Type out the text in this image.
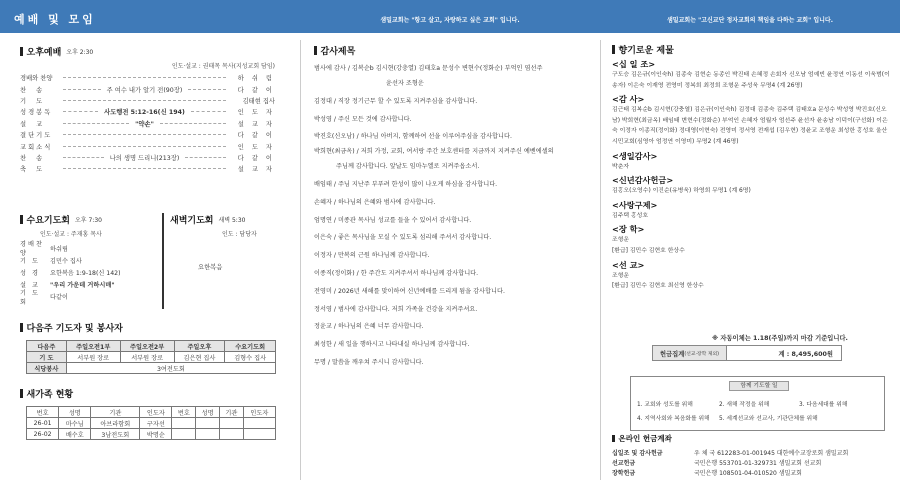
예배 및 모임	샘밀교회는 "항고 살고, 자랑하고 싶은 교회" 입니다.	샘밀교회는 "고신교단 정자교회의 책임을 다하는 교회" 입니다.
오후예배 오후 2:30
인도·설교 : 권태목 목사(지성교회 담임)
경배와 찬양	하 쉬 림
찬 송	주 여수 내가 알기 전(90장)	다 같 이
기 도	김태현 집사
성 경 봉 독	사도행전 5:12-16(신 194)	인 도 자
설 교	"약손"	설 교 자
결 단 기 도	다 같 이
교 회 소 식	인 도 자
찬 송	나의 생명 드리니(213장)	다 같 이
축 도	설 교 자
수요기도회 오후 7:30
인도·설교 : 주재홍 목사
경배찬양
하쉬림
기 도	김민수 집사
성 경	요한복음 1:9-18(신 142)
설 교	"우리 가운데 거하시매"
기 도 회
다같이
새벽기도회 새벽 5:30
인도 : 담당자
요한복음
다음주 기도자 및 봉사자
다음주	주일오전1부	주일오전2부	주일오후	수요기도회
기 도	서부원 장로	서부원 장로	김은현 집사	김형수 집사
식당봉사	3여전도회			
새가족 현황
번호	성명	기관	인도자	번호	성명	기관	인도자
26-01	마수님	아브라함회	구자선				
26-02	배수호	3남전도회	박명순				
감사제목
범사에 감사 / 김복순b 김시현(강충열) 김태호a 문성수 변현수(정화순) 부억인 염선주
윤선자 조형운
김정대 / 직장 정기근무 할 수 있도록 지켜주심을 감사합니다.
박성영 / 주신 모든 것에 감사합니다.
박진호(신오남) / 하나님 아버지, 함께하여 선을 이루어주심을 감사합니다.
박희현(최금옥) / 저희 가정, 교회, 여서랑 주간 보호센터를 지금까지 지켜주신 예벤에셀의
주님께 감사합니다. 앞날도 임마누엘로 지켜주옵소서.
배임태 / 주님 지난주 부푸려 한성이 많이 나오게 하심을 감사합니다.
손혜자 / 하나님의 은혜와 범사에 감사합니다.
엄명연 / 미종관 목사님 성교를 들을 수 있어서 감사합니다.
이은숙 / 좋은 목사님을 모실 수 있도록 섬리해 주셔서 감사합니다.
이정자 / 만복의 근원 하나님께 감사합니다.
이종직(정이화) / 한 주간도 지켜주셔서 하나님께 감사합니다.
전영미 / 2026년 새해를 맞이하여 신년예배를 드리게 됨을 감사합니다.
정서영 / 범사에 감사합니다. 저희 가족을 건강을 지켜주셔요.
정윤교 / 하나님의 은혜 너무 감사합니다.
최성한 / 새 일을 행하시고 나타내실 하나님께 감사합니다.
무명 / 말씀을 깨우쳐 주시니 감사합니다.
향기로운 제물
<십 일 조>
구도승 김은규(이인숙h) 김종숙 김현순 동종인 박진태 손혜정 손회자 신오남 엄예빈 윤정연 이동선 이욱범(이송자) 이은숙 이재영 전영미 정복희 최정희 조형운 주성욱 무명4 (계 26명)
<감 사>
김근태 김복순b 김시현(강충열) 김은규(이인숙h) 김정대 김종숙 김주택 김태호a 문성수 박성영 박진호(신오남) 박희현(최금옥) 배임태 변현수(정화순) 부억인 손혜자 엄월자 엄선주 윤선자 윤송남 이덕이(구선화) 이은숙 이정자 이종직(정이화) 정대영(이현숙) 전영미 정서영 전재섭 (김우현) 정윤교 조형운 최성한 홍성호 울산시민교회(심영아 엄정연 이영미) 무명2 (계 46명)
<생일감사>
박춘자
<신년감사헌금>
김홍오(오영수) 이진순(유병욱) 하영희 무명1 (계 6명)
<사랑구제>
김주택 홍성호
<장 학>
조형운
[환급] 김민수 김현호 한상수
<선 교>
조형운
[환급] 김민수 김현호 최신영 한상수
※ 자동이체는 1.18(주일)까지 마감 기준입니다.
헌금집계 (선교·장학 제외)	계 : 8,495,600원
함께 기도할 일
1. 교회와 성도를 위해	2. 새해 작정을 위해	3. 다음세대를 위해
4. 지역사회와 복음화를 위해 5. 세계선교와 선교사, 기관단체를 위해
온라인 헌금계좌
십일조 및 감사헌금	우 체 국 612283-01-001945 대한예수교장로회 샘밀교회
선교헌금	국민은행 553701-01-329731 샘밀교회 선교회
장학헌금	국민은행 108501-04-010520 샘밀교회
